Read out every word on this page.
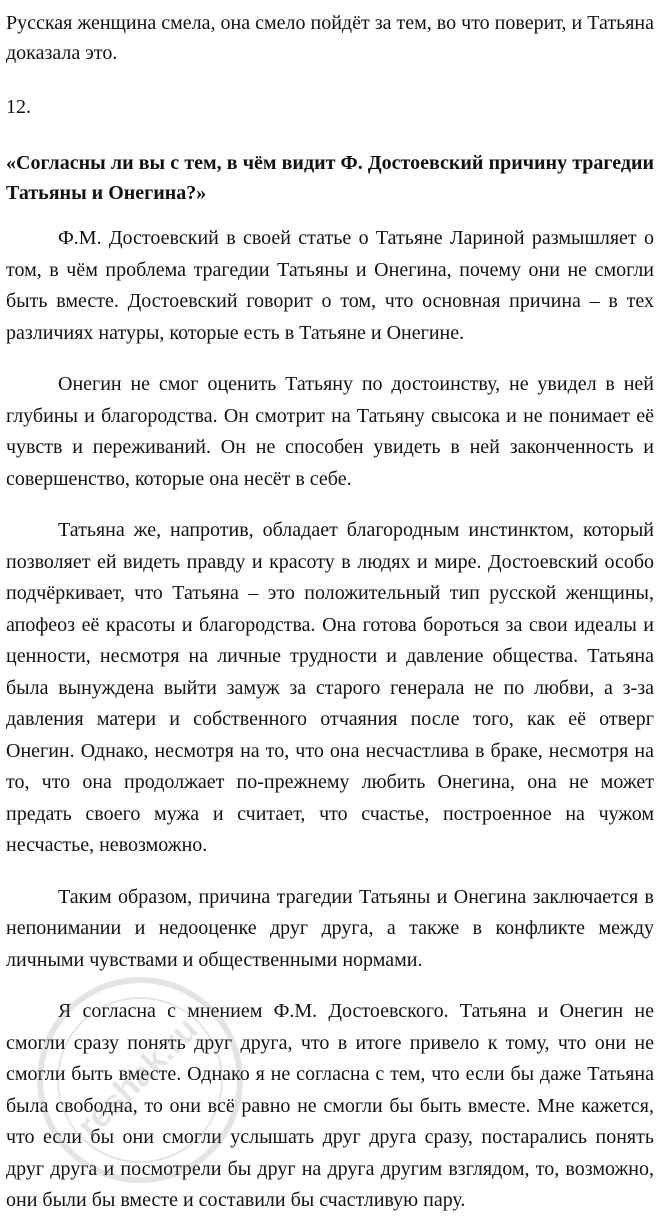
Русская женщина смела, она смело пойдёт за тем, во что поверит, и Татьяна доказала это.

12.

«Согласны ли вы с тем, в чём видит Ф. Достоевский причину трагедии Татьяны и Онегина?»

Ф.М. Достоевский в своей статье о Татьяне Лариной размышляет о том, в чём проблема трагедии Татьяны и Онегина, почему они не смогли быть вместе. Достоевский говорит о том, что основная причина – в тех различиях натуры, которые есть в Татьяне и Онегине.

Онегин не смог оценить Татьяну по достоинству, не увидел в ней глубины и благородства. Он смотрит на Татьяну свысока и не понимает её чувств и переживаний. Он не способен увидеть в ней законченность и совершенство, которые она несёт в себе.

Татьяна же, напротив, обладает благородным инстинктом, который позволяет ей видеть правду и красоту в людях и мире. Достоевский особо подчёркивает, что Татьяна – это положительный тип русской женщины, апофеоз её красоты и благородства. Она готова бороться за свои идеалы и ценности, несмотря на личные трудности и давление общества. Татьяна была вынуждена выйти замуж за старого генерала не по любви, а з-за давления матери и собственного отчаяния после того, как её отверг Онегин. Однако, несмотря на то, что она несчастлива в браке, несмотря на то, что она продолжает по-прежнему любить Онегина, она не может предать своего мужа и считает, что счастье, построенное на чужом несчастье, невозможно.

Таким образом, причина трагедии Татьяны и Онегина заключается в непонимании и недооценке друг друга, а также в конфликте между личными чувствами и общественными нормами.

Я согласна с мнением Ф.М. Достоевского. Татьяна и Онегин не смогли сразу понять друг друга, что в итоге привело к тому, что они не смогли быть вместе. Однако я не согласна с тем, что если бы даже Татьяна была свободна, то они всё равно не смогли бы быть вместе. Мне кажется, что если бы они смогли услышать друг друга сразу, постарались понять друг друга и посмотрели бы друг на друга другим взглядом, то, возможно, они были бы вместе и составили бы счастливую пару.

reshak.ru
